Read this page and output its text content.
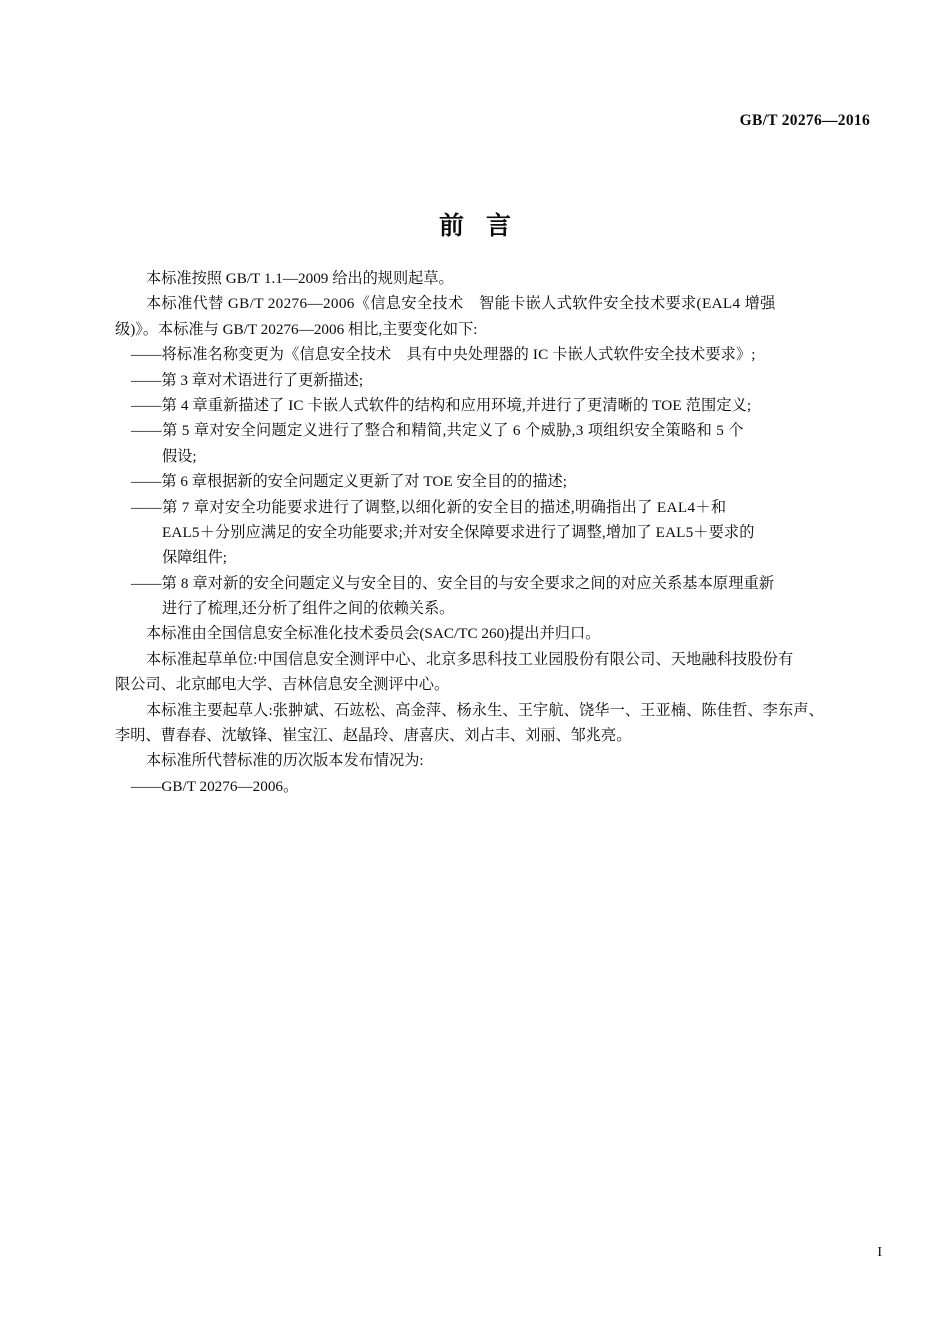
GB/T 20276—2016
前言
本标准按照 GB/T 1.1—2009 给出的规则起草。
本标准代替 GB/T 20276—2006《信息安全技术　智能卡嵌人式软件安全技术要求(EAL4 增强
级)》。本标准与 GB/T 20276—2006 相比,主要变化如下:
——将标准名称变更为《信息安全技术　具有中央处理器的 IC 卡嵌人式软件安全技术要求》;
——第 3 章对术语进行了更新描述;
——第 4 章重新描述了 IC 卡嵌人式软件的结构和应用环境,并进行了更清晰的 TOE 范围定义;
——第 5 章对安全问题定义进行了整合和精简,共定义了 6 个威胁,3 项组织安全策略和 5 个
假设;
——第 6 章根据新的安全问题定义更新了对 TOE 安全目的的描述;
——第 7 章对安全功能要求进行了调整,以细化新的安全目的描述,明确指出了 EAL4＋和
EAL5＋分别应满足的安全功能要求;并对安全保障要求进行了调整,增加了 EAL5＋要求的
保障组件;
——第 8 章对新的安全问题定义与安全目的、安全目的与安全要求之间的对应关系基本原理重新
进行了梳理,还分析了组件之间的依赖关系。
本标准由全国信息安全标准化技术委员会(SAC/TC 260)提出并归口。
本标准起草单位:中国信息安全测评中心、北京多思科技工业园股份有限公司、天地融科技股份有
限公司、北京邮电大学、吉林信息安全测评中心。
本标准主要起草人:张翀斌、石竑松、高金萍、杨永生、王宇航、饶华一、王亚楠、陈佳哲、李东声、
李明、曹春春、沈敏锋、崔宝江、赵晶玲、唐喜庆、刘占丰、刘丽、邹兆亮。
本标准所代替标准的历次版本发布情况为:
——GB/T 20276—2006。
I
